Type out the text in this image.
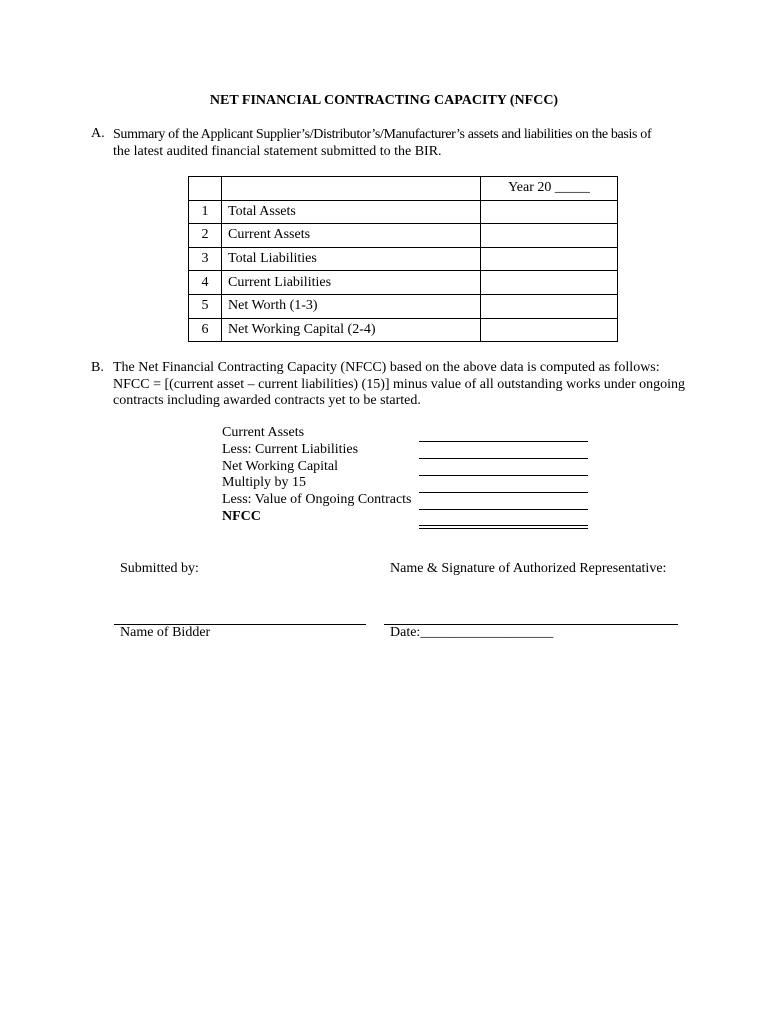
NET FINANCIAL CONTRACTING CAPACITY (NFCC)
A. Summary of the Applicant Supplier’s/Distributor’s/Manufacturer’s assets and liabilities on the basis of
the latest audited financial statement submitted to the BIR.
		Year 20 _____
1	Total Assets	
2	Current Assets	
3	Total Liabilities	
4	Current Liabilities	
5	Net Worth (1-3)	
6	Net Working Capital (2-4)	
B. The Net Financial Contracting Capacity (NFCC) based on the above data is computed as follows:
NFCC = [(current asset – current liabilities) (15)] minus value of all outstanding works under ongoing
contracts including awarded contracts yet to be started.
Current Assets
Less: Current Liabilities
Net Working Capital
Multiply by 15
Less: Value of Ongoing Contracts
NFCC
Submitted by:	Name & Signature of Authorized Representative:
Name of Bidder	Date:___________________
